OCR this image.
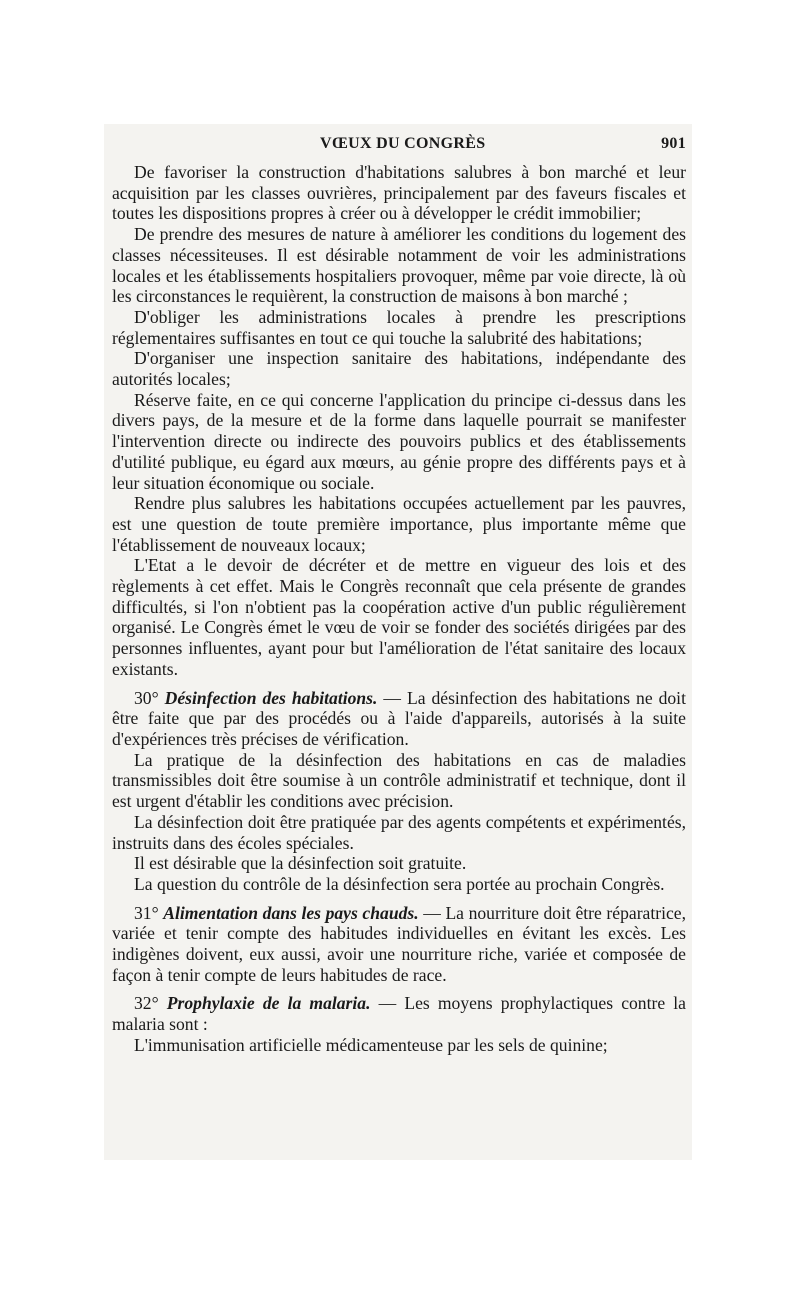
VŒUX DU CONGRÈS	901

De favoriser la construction d'habitations salubres à bon marché et leur acquisition par les classes ouvrières, principalement par des faveurs fiscales et toutes les dispositions propres à créer ou à développer le crédit immobilier;

De prendre des mesures de nature à améliorer les conditions du logement des classes nécessiteuses. Il est désirable notamment de voir les administrations locales et les établissements hospitaliers provoquer, même par voie directe, là où les circonstances le requièrent, la construction de maisons à bon marché ;

D'obliger les administrations locales à prendre les prescriptions réglementaires suffisantes en tout ce qui touche la salubrité des habitations;

D'organiser une inspection sanitaire des habitations, indépendante des autorités locales;

Réserve faite, en ce qui concerne l'application du principe ci-dessus dans les divers pays, de la mesure et de la forme dans laquelle pourrait se manifester l'intervention directe ou indirecte des pouvoirs publics et des établissements d'utilité publique, eu égard aux mœurs, au génie propre des différents pays et à leur situation économique ou sociale.

Rendre plus salubres les habitations occupées actuellement par les pauvres, est une question de toute première importance, plus importante même que l'établissement de nouveaux locaux;

L'Etat a le devoir de décréter et de mettre en vigueur des lois et des règlements à cet effet. Mais le Congrès reconnaît que cela présente de grandes difficultés, si l'on n'obtient pas la coopération active d'un public régulièrement organisé. Le Congrès émet le vœu de voir se fonder des sociétés dirigées par des personnes influentes, ayant pour but l'amélioration de l'état sanitaire des locaux existants.

30° Désinfection des habitations. — La désinfection des habitations ne doit être faite que par des procédés ou à l'aide d'appareils, autorisés à la suite d'expériences très précises de vérification.

La pratique de la désinfection des habitations en cas de maladies transmissibles doit être soumise à un contrôle administratif et technique, dont il est urgent d'établir les conditions avec précision.

La désinfection doit être pratiquée par des agents compétents et expérimentés, instruits dans des écoles spéciales.

Il est désirable que la désinfection soit gratuite.

La question du contrôle de la désinfection sera portée au prochain Congrès.

31° Alimentation dans les pays chauds. — La nourriture doit être réparatrice, variée et tenir compte des habitudes individuelles en évitant les excès. Les indigènes doivent, eux aussi, avoir une nourriture riche, variée et composée de façon à tenir compte de leurs habitudes de race.

32° Prophylaxie de la malaria. — Les moyens prophylactiques contre la malaria sont :

L'immunisation artificielle médicamenteuse par les sels de quinine;
